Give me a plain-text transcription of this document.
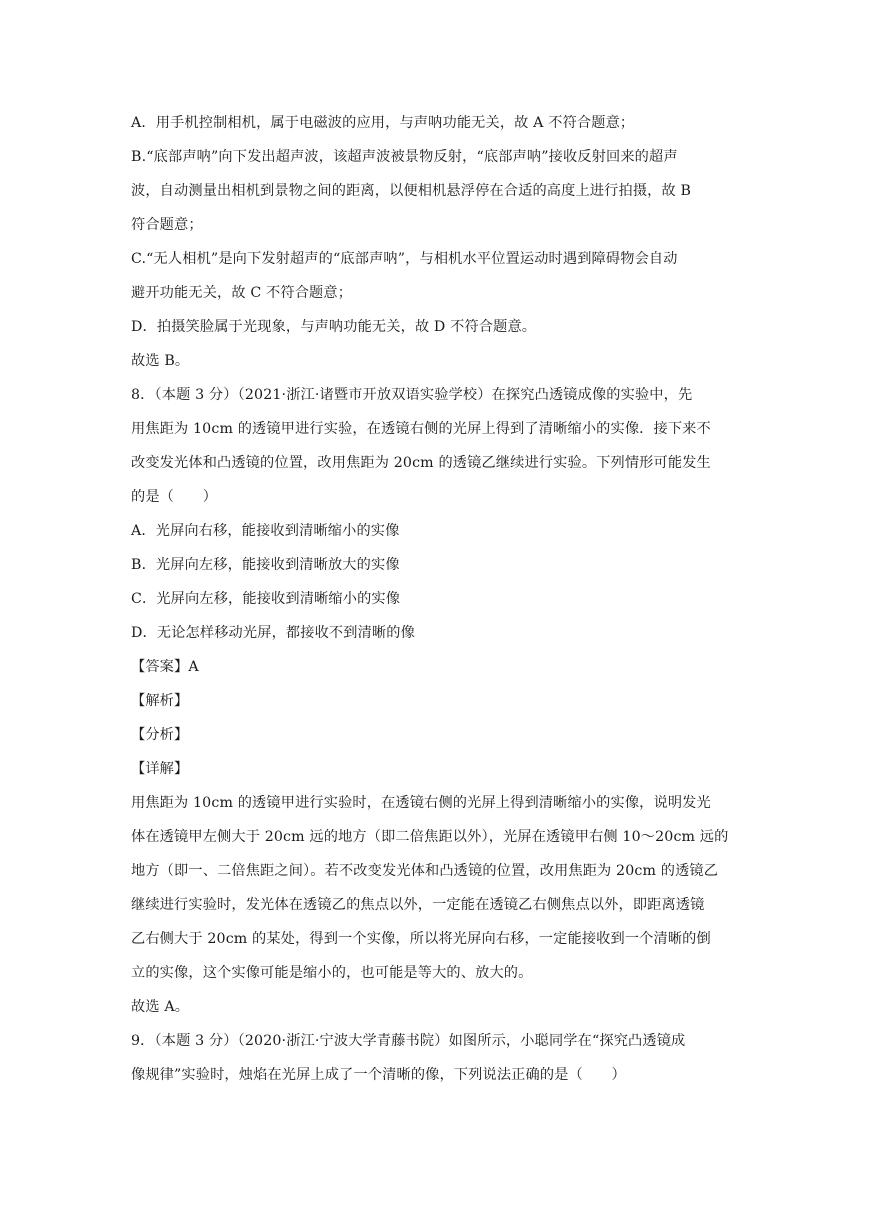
A．用手机控制相机，属于电磁波的应用，与声呐功能无关，故 A 不符合题意；
B.“底部声呐”向下发出超声波，该超声波被景物反射，“底部声呐”接收反射回来的超声
波，自动测量出相机到景物之间的距离，以便相机悬浮停在合适的高度上进行拍摄，故 B
符合题意；
C.“无人相机”是向下发射超声的“底部声呐”，与相机水平位置运动时遇到障碍物会自动
避开功能无关，故 C 不符合题意；
D．拍摄笑脸属于光现象，与声呐功能无关，故 D 不符合题意。
故选 B。
8．（本题 3 分）（2021·浙江·诸暨市开放双语实验学校）在探究凸透镜成像的实验中，先
用焦距为 10cm 的透镜甲进行实验，在透镜右侧的光屏上得到了清晰缩小的实像．接下来不
改变发光体和凸透镜的位置，改用焦距为 20cm 的透镜乙继续进行实验。下列情形可能发生
的是（　　）
A．光屏向右移，能接收到清晰缩小的实像
B．光屏向左移，能接收到清晰放大的实像
C．光屏向左移，能接收到清晰缩小的实像
D．无论怎样移动光屏，都接收不到清晰的像
【答案】A
【解析】
【分析】
【详解】
用焦距为 10cm 的透镜甲进行实验时，在透镜右侧的光屏上得到清晰缩小的实像，说明发光
体在透镜甲左侧大于 20cm 远的地方（即二倍焦距以外），光屏在透镜甲右侧 10～20cm 远的
地方（即一、二倍焦距之间）。若不改变发光体和凸透镜的位置，改用焦距为 20cm 的透镜乙
继续进行实验时，发光体在透镜乙的焦点以外，一定能在透镜乙右侧焦点以外，即距离透镜
乙右侧大于 20cm 的某处，得到一个实像，所以将光屏向右移，一定能接收到一个清晰的倒
立的实像，这个实像可能是缩小的，也可能是等大的、放大的。
故选 A。
9．（本题 3 分）（2020·浙江·宁波大学青藤书院）如图所示，小聪同学在“探究凸透镜成
像规律”实验时，烛焰在光屏上成了一个清晰的像，下列说法正确的是（　　）
